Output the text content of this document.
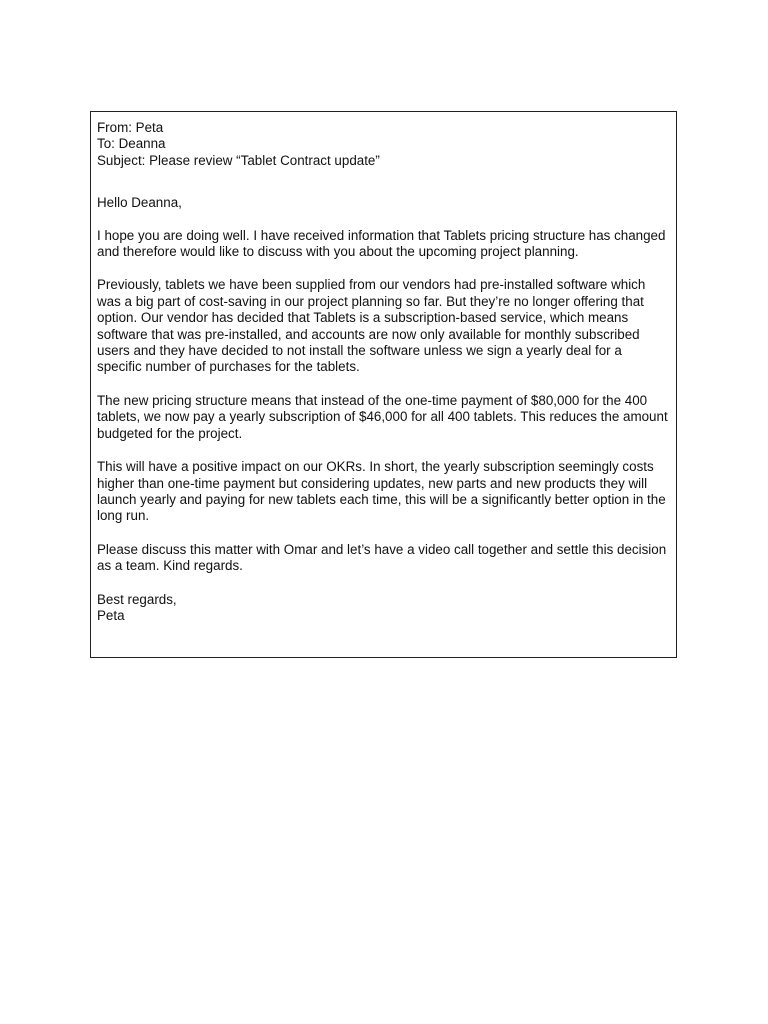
From: Peta
To: Deanna
Subject: Please review “Tablet Contract update”

Hello Deanna,

I hope you are doing well. I have received information that Tablets pricing structure has changed and therefore would like to discuss with you about the upcoming project planning.

Previously, tablets we have been supplied from our vendors had pre-installed software which was a big part of cost-saving in our project planning so far. But they’re no longer offering that option. Our vendor has decided that Tablets is a subscription-based service, which means software that was pre-installed, and accounts are now only available for monthly subscribed users and they have decided to not install the software unless we sign a yearly deal for a specific number of purchases for the tablets.

The new pricing structure means that instead of the one-time payment of $80,000 for the 400 tablets, we now pay a yearly subscription of $46,000 for all 400 tablets. This reduces the amount budgeted for the project.

This will have a positive impact on our OKRs. In short, the yearly subscription seemingly costs higher than one-time payment but considering updates, new parts and new products they will launch yearly and paying for new tablets each time, this will be a significantly better option in the long run.

Please discuss this matter with Omar and let’s have a video call together and settle this decision as a team. Kind regards.

Best regards,
Peta
